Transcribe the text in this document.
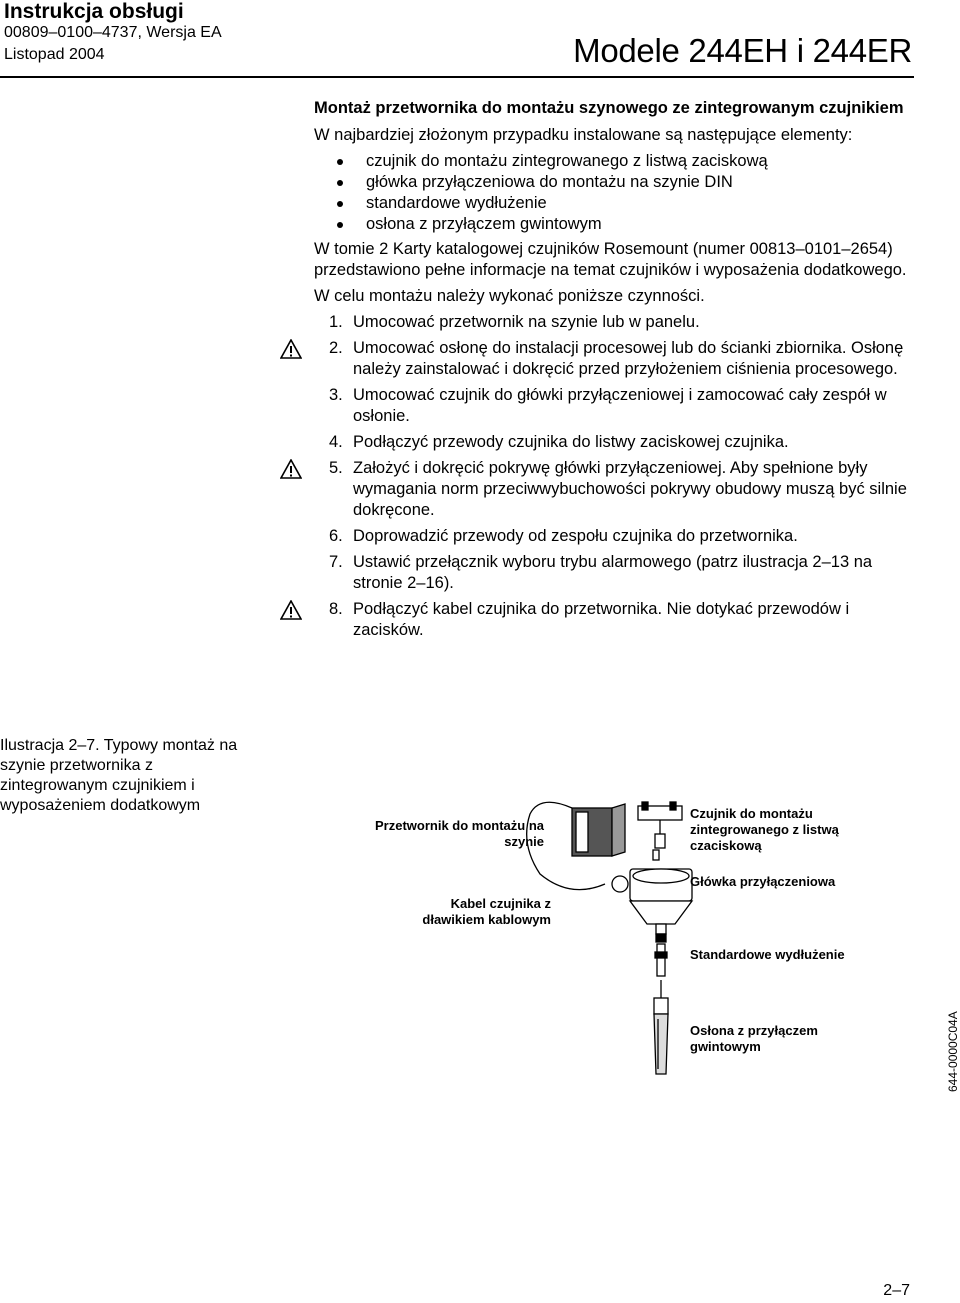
Instrukcja obsługi
00809–0100–4737, Wersja EA
Listopad 2004	Modele 244EH i 244ER
Montaż przetwornika do montażu szynowego ze zintegrowanym czujnikiem

W najbardziej złożonym przypadku instalowane są następujące elementy:

czujnik do montażu zintegrowanego z listwą zaciskową
główka przyłączeniowa do montażu na szynie DIN
standardowe wydłużenie
osłona z przyłączem gwintowym

W tomie 2 Karty katalogowej czujników Rosemount (numer 00813–0101–2654) przedstawiono pełne informacje na temat czujników i wyposażenia dodatkowego.

W celu montażu należy wykonać poniższe czynności.

1. Umocować przetwornik na szynie lub w panelu.
2. Umocować osłonę do instalacji procesowej lub do ścianki zbiornika. Osłonę należy zainstalować i dokręcić przed przyłożeniem ciśnienia procesowego.
3. Umocować czujnik do główki przyłączeniowej i zamocować cały zespół w osłonie.
4. Podłączyć przewody czujnika do listwy zaciskowej czujnika.
5. Założyć i dokręcić pokrywę główki przyłączeniowej. Aby spełnione były wymagania norm przeciwwybuchowości pokrywy obudowy muszą być silnie dokręcone.
6. Doprowadzić przewody od zespołu czujnika do przetwornika.
7. Ustawić przełącznik wyboru trybu alarmowego (patrz ilustracja 2–13 na stronie 2–16).
8. Podłączyć kabel czujnika do przetwornika. Nie dotykać przewodów i zacisków.
Ilustracja 2–7. Typowy montaż na szynie przetwornika z zintegrowanym czujnikiem i wyposażeniem dodatkowym
Przetwornik do montażu na szynie
Kabel czujnika z dławikiem kablowym
Czujnik do montażu zintegrowanego z listwą czaciskową
Główka przyłączeniowa
Standardowe wydłużenie
Osłona z przyłączem gwintowym	644-0000C04A
2–7
